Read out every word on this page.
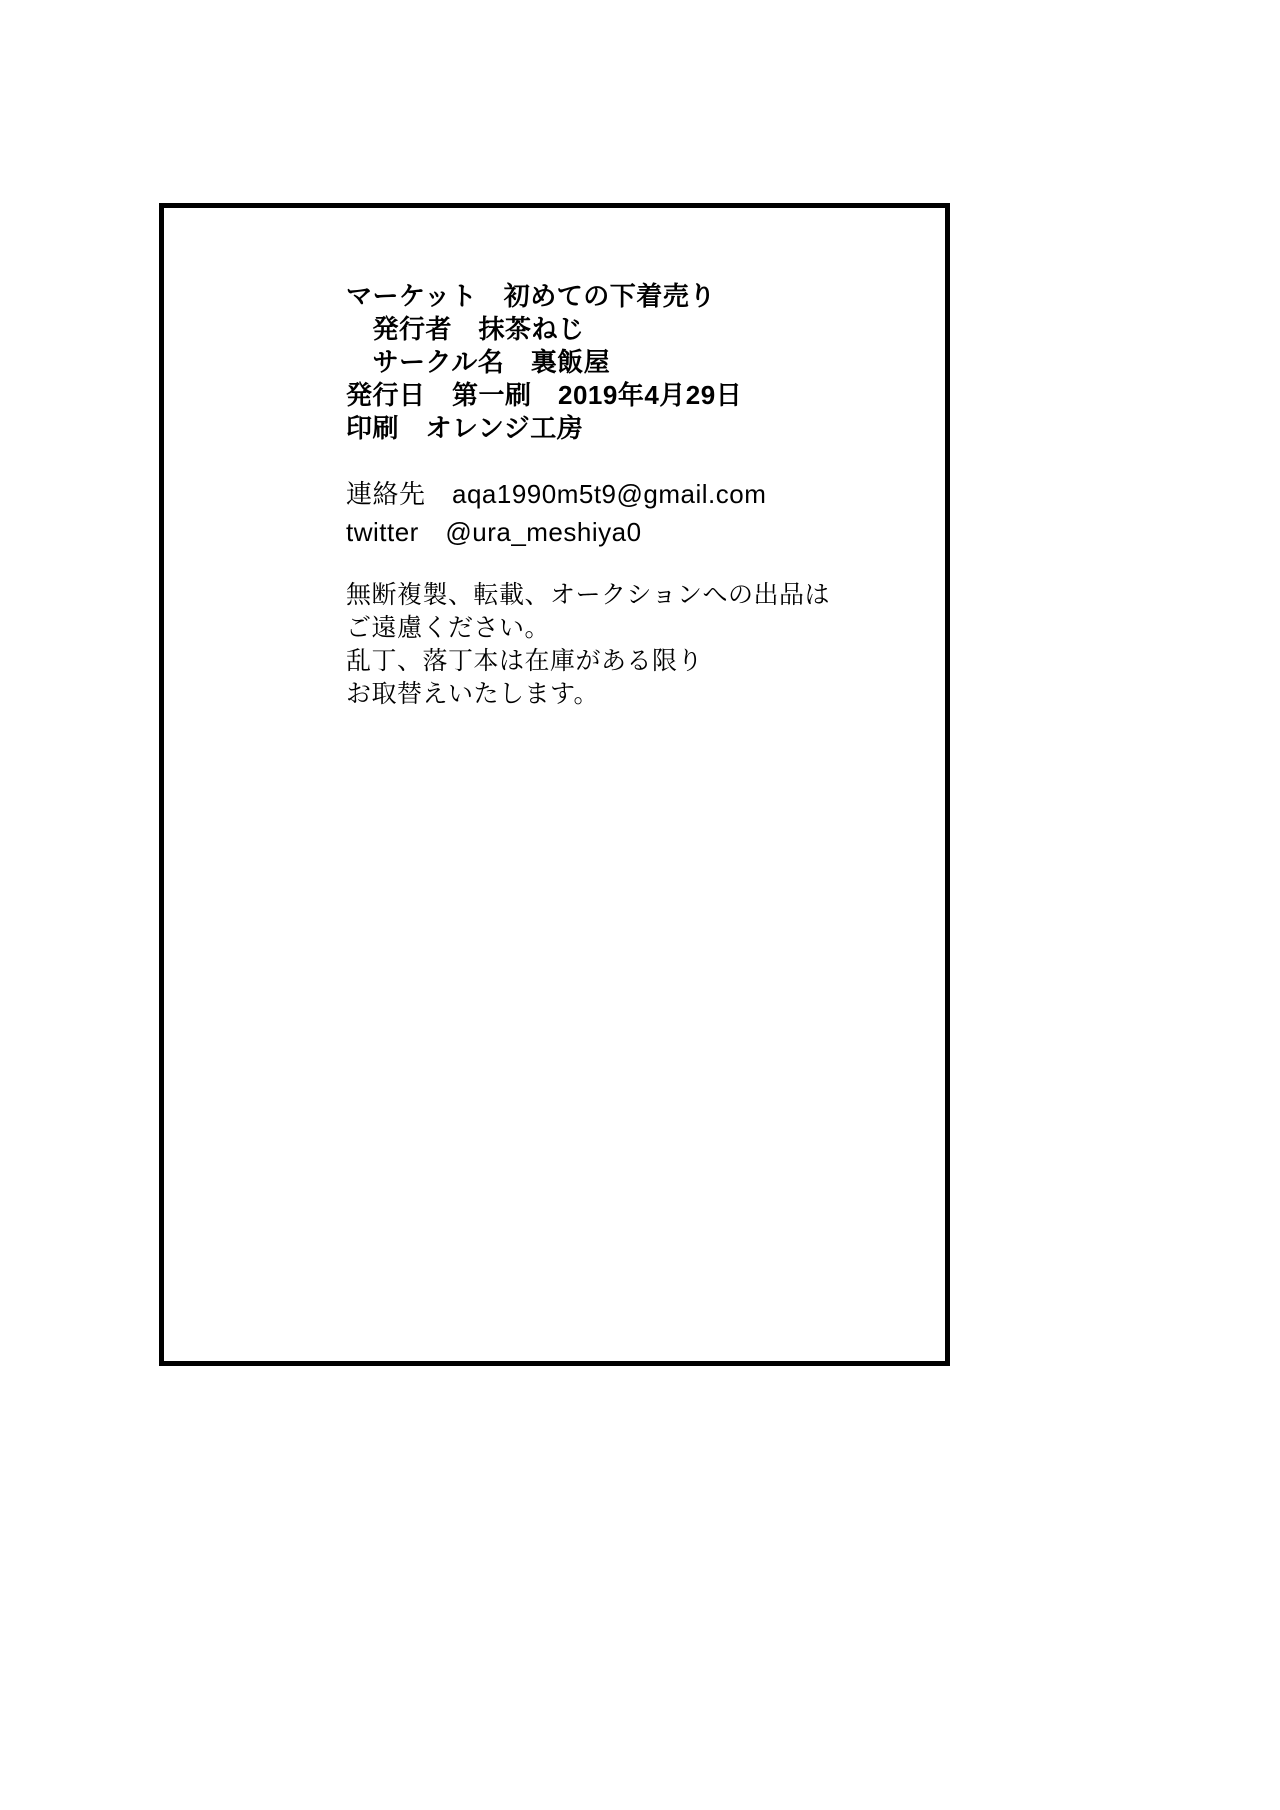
マーケット　初めての下着売り
　発行者　抹茶ねじ
　サークル名　裏飯屋
発行日　第一刷　2019年4月29日
印刷　オレンジ工房
連絡先　aqa1990m5t9@gmail.com
twitter　@ura_meshiya0
無断複製、転載、オークションへの出品は
ご遠慮ください。
乱丁、落丁本は在庫がある限り
お取替えいたします。
